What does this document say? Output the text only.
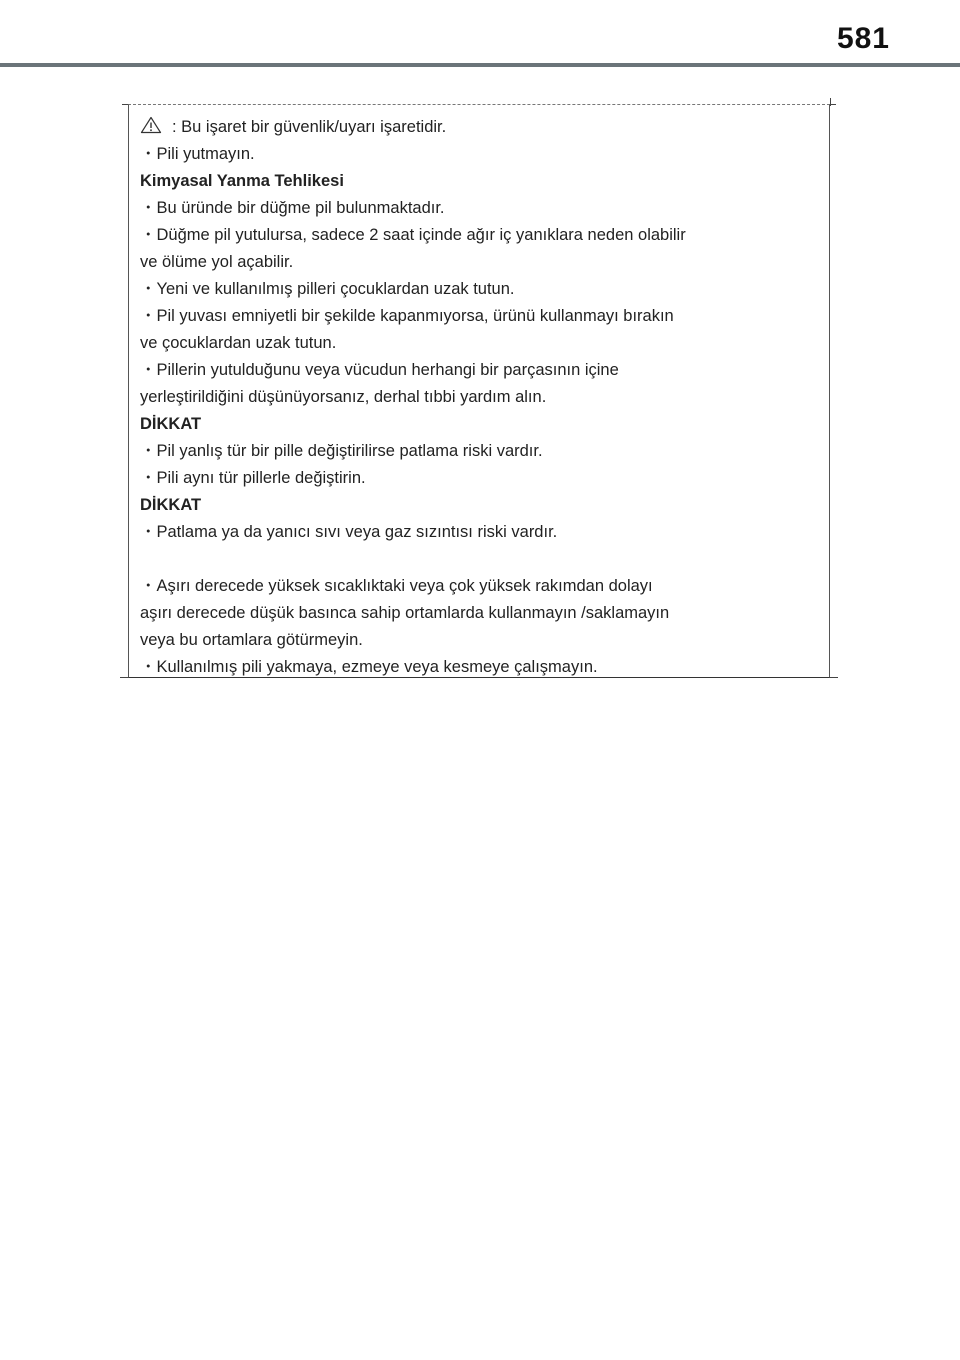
581

: Bu işaret bir güvenlik/uyarı işaretidir.

・Pili yutmayın.

Kimyasal Yanma Tehlikesi

・Bu üründe bir düğme pil bulunmaktadır.

・Düğme pil yutulursa, sadece 2 saat içinde ağır iç yanıklara neden olabilir

ve ölüme yol açabilir.

・Yeni ve kullanılmış pilleri çocuklardan uzak tutun.

・Pil yuvası emniyetli bir şekilde kapanmıyorsa, ürünü kullanmayı bırakın

ve çocuklardan uzak tutun.

・Pillerin yutulduğunu veya vücudun herhangi bir parçasının içine

yerleştirildiğini düşünüyorsanız, derhal tıbbi yardım alın.

DİKKAT

・Pil yanlış tür bir pille değiştirilirse patlama riski vardır.

・Pili aynı tür pillerle değiştirin.

DİKKAT

・Patlama ya da yanıcı sıvı veya gaz sızıntısı riski vardır.

・Aşırı derecede yüksek sıcaklıktaki veya çok yüksek rakımdan dolayı

aşırı derecede düşük basınca sahip ortamlarda kullanmayın /saklamayın

veya bu ortamlara götürmeyin.

・Kullanılmış pili yakmaya, ezmeye veya kesmeye çalışmayın.
